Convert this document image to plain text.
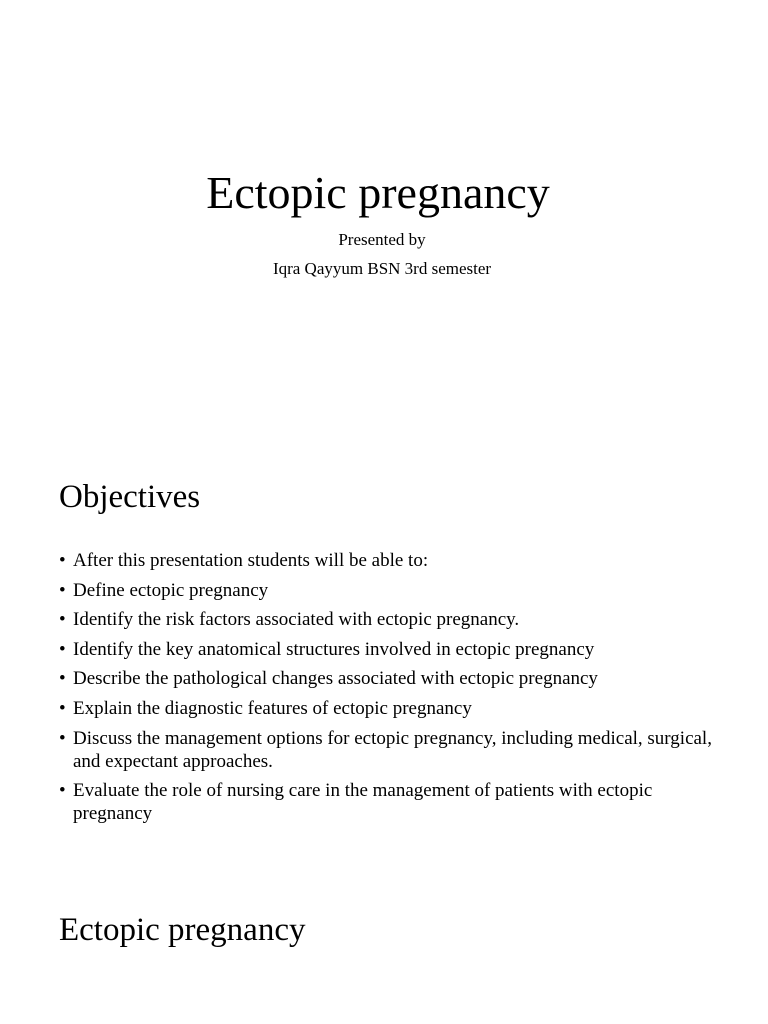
Ectopic pregnancy
Presented by
Iqra Qayyum BSN 3rd semester
Objectives
• After this presentation students will be able to:
• Define ectopic pregnancy
• Identify the risk factors associated with ectopic pregnancy.
• Identify the key anatomical structures involved in ectopic pregnancy
• Describe the pathological changes associated with ectopic pregnancy
• Explain the diagnostic features of ectopic pregnancy
• Discuss the management options for ectopic pregnancy, including medical, surgical, and expectant approaches.
• Evaluate the role of nursing care in the management of patients with ectopic pregnancy
Ectopic pregnancy
